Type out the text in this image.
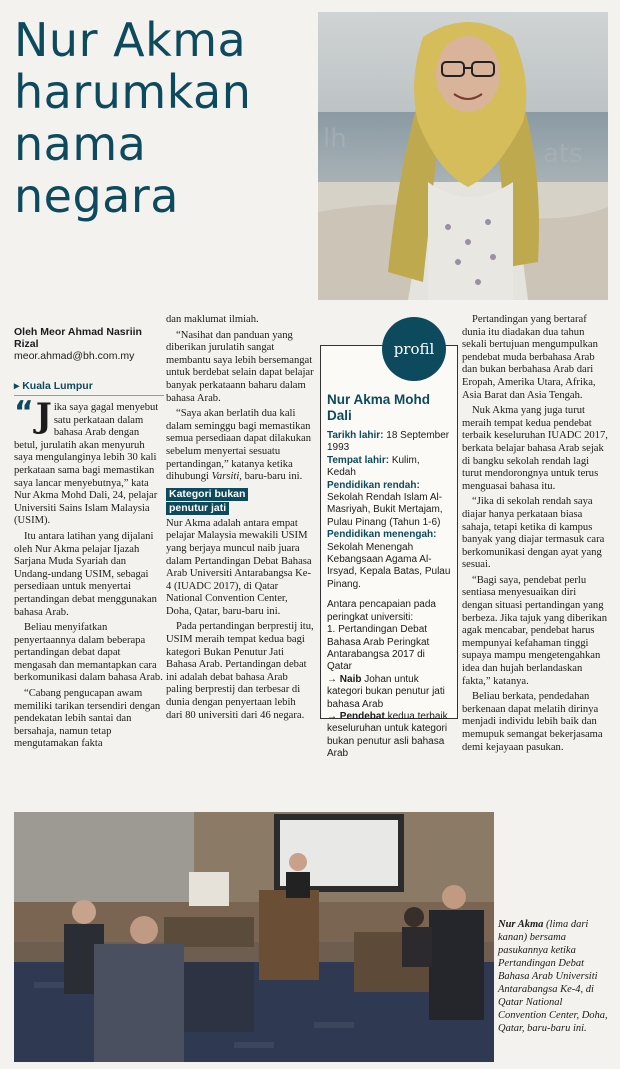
Nur Akma
harumkan
nama
negara
ats
lh
Oleh Meor Ahmad Nasriin Rizal
meor.ahmad@bh.com.my
▸ Kuala Lumpur

“ J ika saya gagal menyebut satu perkataan dalam bahasa Arab dengan betul, jurulatih akan menyuruh saya mengulanginya lebih 30 kali perkataan sama bagi memastikan saya lancar menyebutnya,” kata Nur Akma Mohd Dali, 24, pelajar Universiti Sains Islam Malaysia (USIM).

Itu antara latihan yang dijalani oleh Nur Akma pelajar Ijazah Sarjana Muda Syariah dan Undang-undang USIM, sebagai persediaan untuk menyertai pertandingan debat menggunakan bahasa Arab.

Beliau menyifatkan penyertaannya dalam beberapa pertandingan debat dapat mengasah dan memantapkan cara berkomunikasi dalam bahasa Arab.

“Cabang pengucapan awam memiliki tarikan tersendiri dengan pendekatan lebih santai dan bersahaja, namun tetap mengutamakan fakta

dan maklumat ilmiah.

“Nasihat dan panduan yang diberikan jurulatih sangat membantu saya lebih bersemangat untuk berdebat selain dapat belajar banyak perkataann baharu dalam bahasa Arab.

“Saya akan berlatih dua kali dalam seminggu bagi memastikan semua persediaan dapat dilakukan sebelum menyertai sesuatu pertandingan,” katanya ketika dihubungi Varsiti, baru-baru ini.

Kategori bukan
penutur jati

Nur Akma adalah antara empat pelajar Malaysia mewakili USIM yang berjaya muncul naib juara dalam Pertandingan Debat Bahasa Arab Universiti Antarabangsa Ke-4 (IUADC 2017), di Qatar National Convention Center, Doha, Qatar, baru-baru ini.

Pada pertandingan berprestij itu, USIM meraih tempat kedua bagi kategori Bukan Penutur Jati Bahasa Arab. Pertandingan debat ini adalah debat bahasa Arab paling berprestij dan terbesar di dunia dengan penyertaan lebih dari 80 universiti dari 46 negara.

profil
Nur Akma Mohd Dali
Tarikh lahir: 18 September 1993
Tempat lahir: Kulim, Kedah
Pendidikan rendah:
Sekolah Rendah Islam Al-Masriyah, Bukit Mertajam, Pulau Pinang (Tahun 1-6)
Pendidikan menengah:
Sekolah Menengah Kebangsaan Agama Al-Irsyad, Kepala Batas, Pulau Pinang.
Antara pencapaian pada peringkat universiti:
1. Pertandingan Debat Bahasa Arab Peringkat Antarabangsa 2017 di Qatar
→ Naib Johan untuk kategori bukan penutur jati bahasa Arab
→ Pendebat kedua terbaik keseluruhan untuk kategori bukan penutur asli bahasa Arab

Pertandingan yang bertaraf dunia itu diadakan dua tahun sekali bertujuan mengumpulkan pendebat muda berbahasa Arab dan bukan berbahasa Arab dari Eropah, Amerika Utara, Afrika, Asia Barat dan Asia Tengah.

Nuk Akma yang juga turut meraih tempat kedua pendebat terbaik keseluruhan IUADC 2017, berkata belajar bahasa Arab sejak di bangku sekolah rendah lagi turut mendorongnya untuk terus menguasai bahasa itu.

“Jika di sekolah rendah saya diajar hanya perkataan biasa sahaja, tetapi ketika di kampus banyak yang diajar termasuk cara berkomunikasi dengan ayat yang sesuai.

“Bagi saya, pendebat perlu sentiasa menyesuaikan diri dengan situasi pertandingan yang berbeza. Jika tajuk yang diberikan agak mencabar, pendebat harus mempunyai kefahaman tinggi supaya mampu mengetengahkan idea dan hujah berlandaskan fakta,” katanya.

Beliau berkata, pendedahan berkenaan dapat melatih dirinya menjadi individu lebih baik dan memupuk semangat bekerjasama demi kejayaan pasukan.

Nur Akma (lima dari kanan) bersama pasukannya ketika Pertandingan Debat Bahasa Arab Universiti Antarabangsa Ke-4, di Qatar National Convention Center, Doha, Qatar, baru-baru ini.
